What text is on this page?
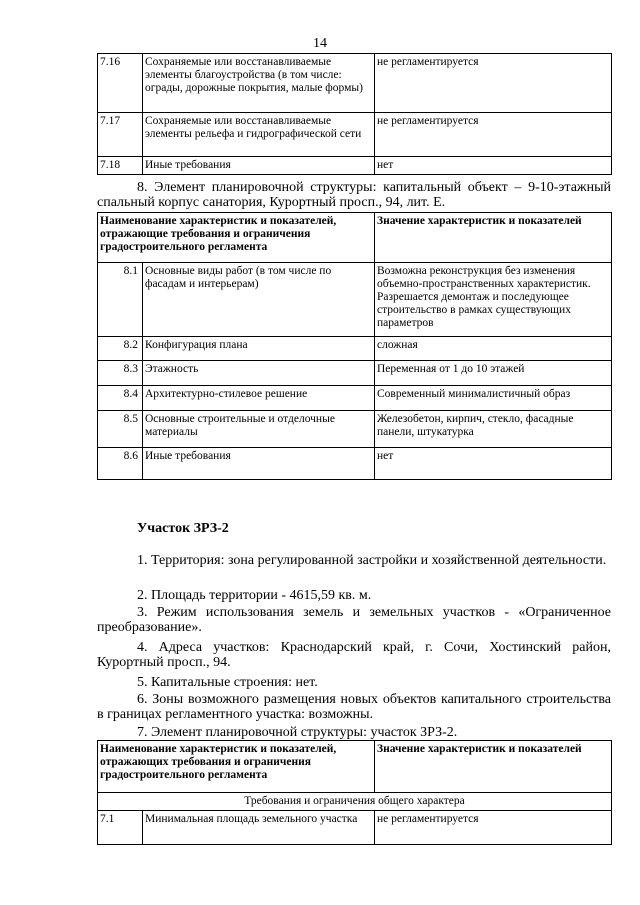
14
7.16	Сохраняемые или восстанавливаемые элементы благоустройства (в том числе: ограды, дорожные покрытия, малые формы)	не регламентируется
7.17	Сохраняемые или восстанавливаемые элементы рельефа и гидрографической сети	не регламентируется
7.18	Иные требования	нет
8. Элемент планировочной структуры: капитальный объект – 9-10-этажный спальный корпус санатория, Курортный просп., 94, лит. Е.
Наименование характеристик и показателей, отражающие требования и ограничения градостроительного регламента		Значение характеристик и показателей
8.1	Основные виды работ (в том числе по фасадам и интерьерам)	Возможна реконструкция без изменения объемно-пространственных характеристик. Разрешается демонтаж и последующее строительство в рамках существующих параметров
8.2	Конфигурация плана	сложная
8.3	Этажность	Переменная от 1 до 10 этажей
8.4	Архитектурно-стилевое решение	Современный минималистичный образ
8.5	Основные строительные и отделочные материалы	Железобетон, кирпич, стекло, фасадные панели, штукатурка
8.6	Иные требования	нет
Участок ЗРЗ-2
1. Территория: зона регулированной застройки и хозяйственной деятельности.
2. Площадь территории - 4615,59 кв. м.
3. Режим использования земель и земельных участков - «Ограниченное преобразование».
4. Адреса участков: Краснодарский край, г. Сочи, Хостинский район, Курортный просп., 94.
5. Капитальные строения: нет.
6. Зоны возможного размещения новых объектов капитального строительства в границах регламентного участка: возможны.
7. Элемент планировочной структуры: участок ЗРЗ-2.
Наименование характеристик и показателей, отражающих требования и ограничения градостроительного регламента		Значение характеристик и показателей
Требования и ограничения общего характера		
7.1	Минимальная площадь земельного участка	не регламентируется
